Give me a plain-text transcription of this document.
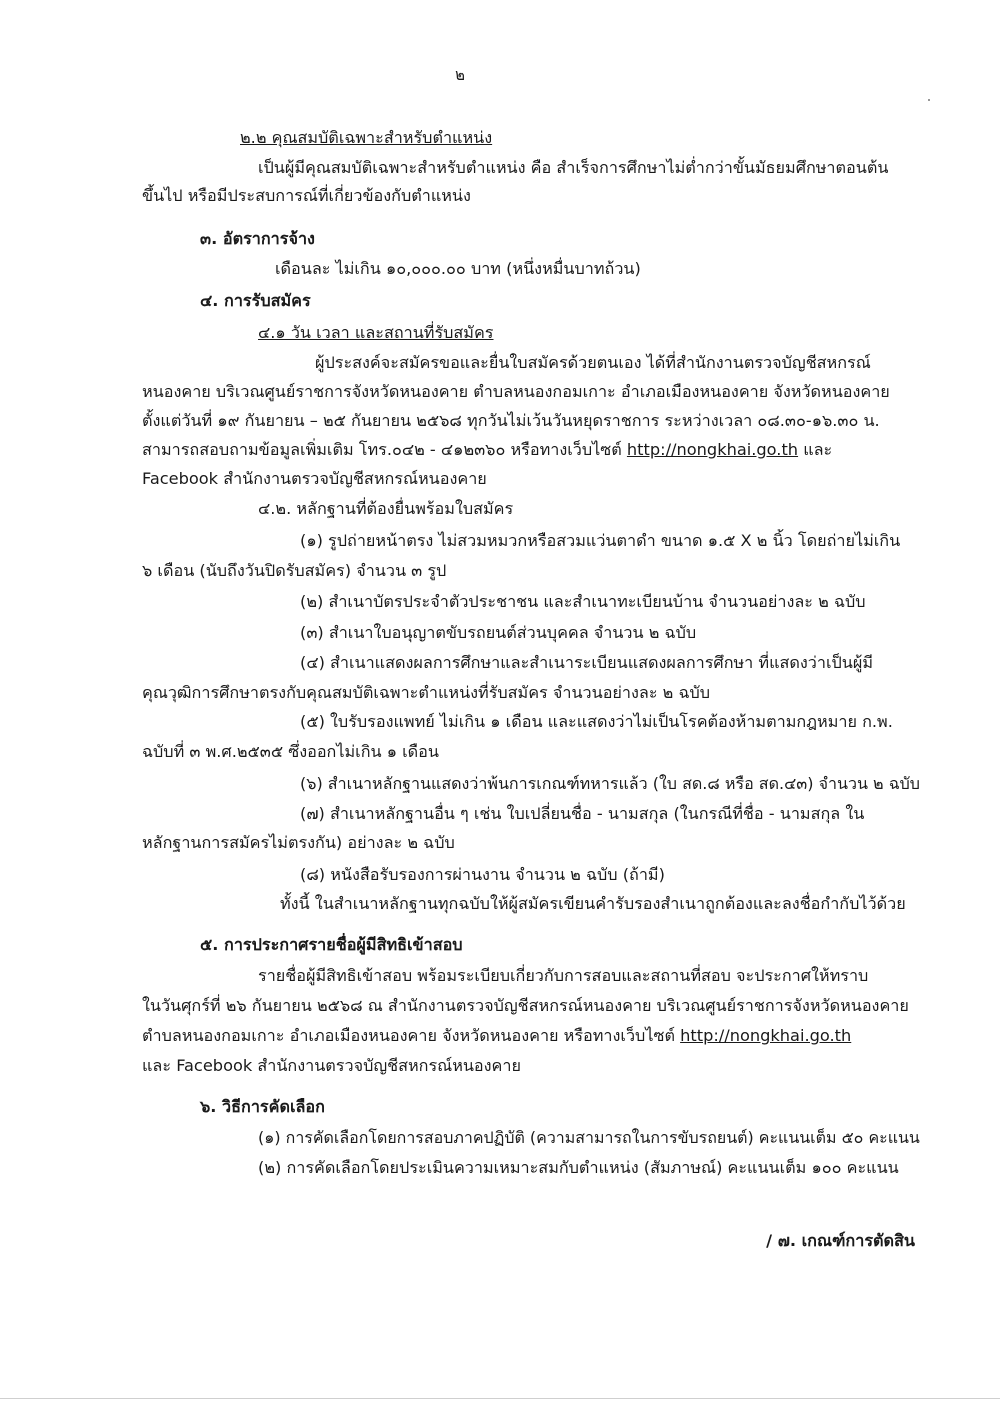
๒
๒.๒ คุณสมบัติเฉพาะสำหรับตำแหน่ง
เป็นผู้มีคุณสมบัติเฉพาะสำหรับตำแหน่ง คือ สำเร็จการศึกษาไม่ต่ำกว่าขั้นมัธยมศึกษาตอนต้น
ขึ้นไป หรือมีประสบการณ์ที่เกี่ยวข้องกับตำแหน่ง
๓. อัตราการจ้าง
เดือนละ ไม่เกิน ๑๐,๐๐๐.๐๐ บาท (หนึ่งหมื่นบาทถ้วน)
๔. การรับสมัคร
๔.๑ วัน เวลา และสถานที่รับสมัคร
ผู้ประสงค์จะสมัครขอและยื่นใบสมัครด้วยตนเอง ได้ที่สำนักงานตรวจบัญชีสหกรณ์
หนองคาย บริเวณศูนย์ราชการจังหวัดหนองคาย ตำบลหนองกอมเกาะ อำเภอเมืองหนองคาย จังหวัดหนองคาย
ตั้งแต่วันที่ ๑๙ กันยายน – ๒๕ กันยายน ๒๕๖๘ ทุกวันไม่เว้นวันหยุดราชการ ระหว่างเวลา ๐๘.๓๐-๑๖.๓๐ น.
สามารถสอบถามข้อมูลเพิ่มเติม โทร.๐๔๒ - ๔๑๒๓๖๐ หรือทางเว็บไซต์ http://nongkhai.go.th และ
Facebook สำนักงานตรวจบัญชีสหกรณ์หนองคาย
๔.๒. หลักฐานที่ต้องยื่นพร้อมใบสมัคร
(๑) รูปถ่ายหน้าตรง ไม่สวมหมวกหรือสวมแว่นตาดำ ขนาด ๑.๕ X ๒ นิ้ว โดยถ่ายไม่เกิน
๖ เดือน (นับถึงวันปิดรับสมัคร) จำนวน ๓ รูป
(๒) สำเนาบัตรประจำตัวประชาชน และสำเนาทะเบียนบ้าน จำนวนอย่างละ ๒ ฉบับ
(๓) สำเนาใบอนุญาตขับรถยนต์ส่วนบุคคล จำนวน ๒ ฉบับ
(๔) สำเนาแสดงผลการศึกษาและสำเนาระเบียนแสดงผลการศึกษา ที่แสดงว่าเป็นผู้มี
คุณวุฒิการศึกษาตรงกับคุณสมบัติเฉพาะตำแหน่งที่รับสมัคร จำนวนอย่างละ ๒ ฉบับ
(๕) ใบรับรองแพทย์ ไม่เกิน ๑ เดือน และแสดงว่าไม่เป็นโรคต้องห้ามตามกฎหมาย ก.พ.
ฉบับที่ ๓ พ.ศ.๒๕๓๕ ซึ่งออกไม่เกิน ๑ เดือน
(๖) สำเนาหลักฐานแสดงว่าพ้นการเกณฑ์ทหารแล้ว (ใบ สด.๘ หรือ สด.๔๓) จำนวน ๒ ฉบับ
(๗) สำเนาหลักฐานอื่น ๆ เช่น ใบเปลี่ยนชื่อ - นามสกุล (ในกรณีที่ชื่อ - นามสกุล ใน
หลักฐานการสมัครไม่ตรงกัน) อย่างละ ๒ ฉบับ
(๘) หนังสือรับรองการผ่านงาน จำนวน ๒ ฉบับ (ถ้ามี)
ทั้งนี้ ในสำเนาหลักฐานทุกฉบับให้ผู้สมัครเขียนคำรับรองสำเนาถูกต้องและลงชื่อกำกับไว้ด้วย
๕. การประกาศรายชื่อผู้มีสิทธิเข้าสอบ
รายชื่อผู้มีสิทธิเข้าสอบ พร้อมระเบียบเกี่ยวกับการสอบและสถานที่สอบ จะประกาศให้ทราบ
ในวันศุกร์ที่ ๒๖ กันยายน ๒๕๖๘ ณ สำนักงานตรวจบัญชีสหกรณ์หนองคาย บริเวณศูนย์ราชการจังหวัดหนองคาย
ตำบลหนองกอมเกาะ อำเภอเมืองหนองคาย จังหวัดหนองคาย หรือทางเว็บไซต์ http://nongkhai.go.th
และ Facebook สำนักงานตรวจบัญชีสหกรณ์หนองคาย
๖. วิธีการคัดเลือก
(๑) การคัดเลือกโดยการสอบภาคปฏิบัติ (ความสามารถในการขับรถยนต์) คะแนนเต็ม ๕๐ คะแนน
(๒) การคัดเลือกโดยประเมินความเหมาะสมกับตำแหน่ง (สัมภาษณ์) คะแนนเต็ม ๑๐๐ คะแนน
/ ๗. เกณฑ์การตัดสิน
